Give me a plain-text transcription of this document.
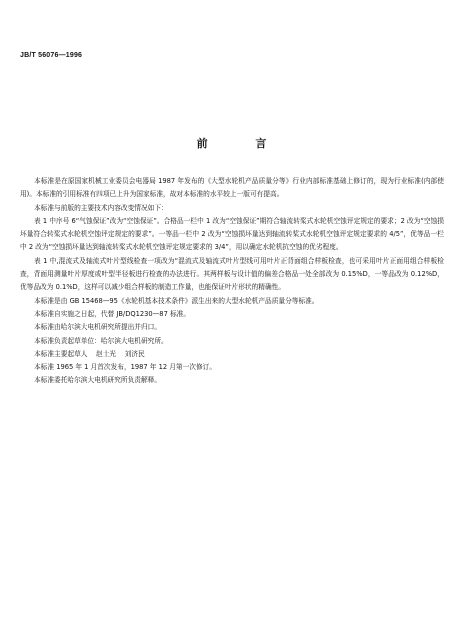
JB/T 56076—1996
前 言

本标准是在原国家机械工业委员会电器局 1987 年发布的《大型水轮机产品质量分等》行业内部标准基础上修订的，现为行业标准(内部使用)。本标准的引用标准有四项已上升为国家标准，故对本标准的水平较上一版可有提高。

本标准与前版的主要技术内容改变情况如下：

表 1 中序号 6“气蚀保证”改为“空蚀保证”。合格品一栏中 1 改为“空蚀保证”期符合轴流转桨式水轮机空蚀评定规定的要求；2 改为“空蚀损坏量符合转桨式水轮机空蚀评定规定的要求”。一等品一栏中 2 改为“空蚀损坏量达到轴流转桨式水轮机空蚀评定规定要求的 4/5”，优等品一栏中 2 改为“空蚀损坏量达到轴流转桨式水轮机空蚀评定规定要求的 3/4”，用以确定水轮机抗空蚀的优劣程度。

表 1 中,混流式及轴流式叶片型线检查一项改为“混流式及轴流式叶片型线可用叶片正背面组合样板检查，也可采用叶片正面用组合样板检查，背面用测量叶片厚度或叶型半径板进行检查的办法进行。其两样板与设计值的偏差合格品一处全部改为 0.15%D，一等品改为 0.12%D，优等品改为 0.1%D，这样可以减少组合样板的制造工作量，也能保证叶片形状的精确性。

本标准是由 GB 15468—95《水轮机基本技术条件》派生出来的大型水轮机产品质量分等标准。

本标准自实施之日起，代替 JB/DQ1230—87 标准。

本标准由哈尔滨大电机研究所提出并归口。

本标准负责起草单位：哈尔滨大电机研究所。

本标准主要起草人    赵士光    刘济民

本标准 1965 年 1 月首次发布，1987 年 12 月第一次修订。

本标准委托哈尔滨大电机研究所负责解释。
